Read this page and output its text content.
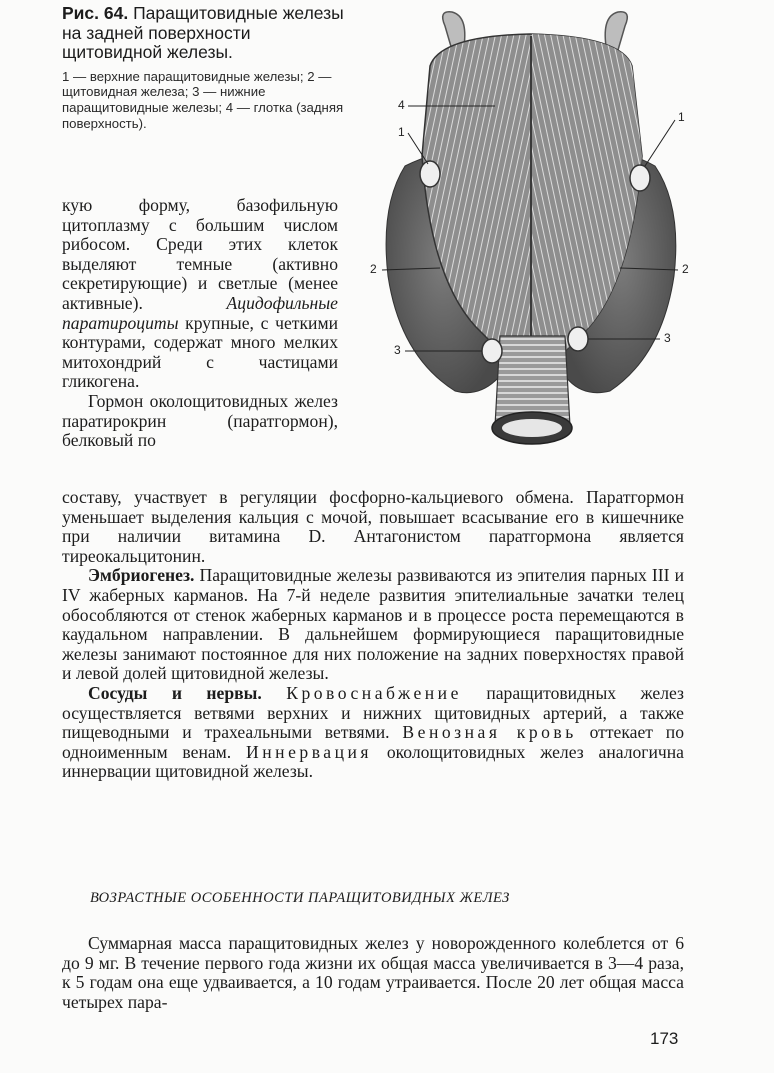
Рис. 64. Паращитовидные железы на задней поверхности щитовидной железы.

1 — верхние паращитовидные железы; 2 — щитовидная железа; 3 — нижние паращитовидные железы; 4 — глотка (задняя поверхность).

4
1
1
2	2
3
3

кую форму, базофильную цитоплазму с большим числом рибосом. Среди этих клеток выделяют темные (активно секретирующие) и светлые (менее активные). Ацидофильные паратироциты крупные, с четкими контурами, содержат много мелких митохондрий с частицами гликогена.

Гормон околощитовидных желез паратирокрин (паратгормон), белковый по

составу, участвует в регуляции фосфорно-кальциевого обмена. Паратгормон уменьшает выделения кальция с мочой, повышает всасывание его в кишечнике при наличии витамина D. Антагонистом паратгормона является тиреокальцитонин.

Эмбриогенез. Паращитовидные железы развиваются из эпителия парных III и IV жаберных карманов. На 7-й неделе развития эпителиальные зачатки телец обособляются от стенок жаберных карманов и в процессе роста перемещаются в каудальном направлении. В дальнейшем формирующиеся паращитовидные железы занимают постоянное для них положение на задних поверхностях правой и левой долей щитовидной железы.

Сосуды и нервы. Кровоснабжение паращитовидных желез осуществляется ветвями верхних и нижних щитовидных артерий, а также пищеводными и трахеальными ветвями. Венозная кровь оттекает по одноименным венам. Иннервация околощитовидных желез аналогична иннервации щитовидной железы.

ВОЗРАСТНЫЕ ОСОБЕННОСТИ ПАРАЩИТОВИДНЫХ ЖЕЛЕЗ
Суммарная масса паращитовидных желез у новорожденного колеблется от 6 до 9 мг. В течение первого года жизни их общая масса увеличивается в 3—4 раза, к 5 годам она еще удваивается, а 10 годам утраивается. После 20 лет общая масса четырех пара-
173
